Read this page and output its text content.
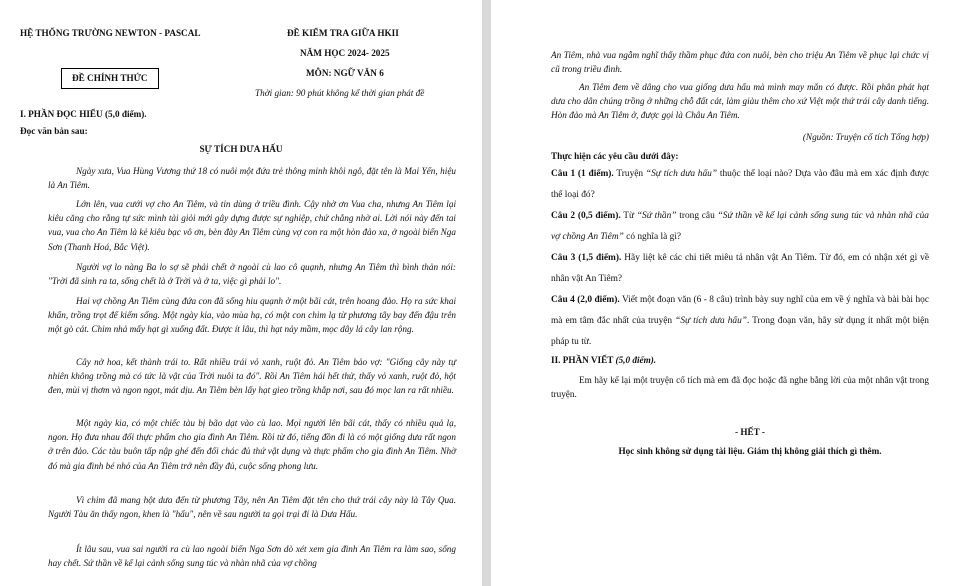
HỆ THỐNG TRƯỜNG NEWTON - PASCAL	ĐỀ KIỂM TRA GIỮA HKII
NĂM HỌC 2024- 2025
ĐỀ CHÍNH THỨC	MÔN: NGỮ VĂN 6
Thời gian: 90 phút không kể thời gian phát đề
I. PHẦN ĐỌC HIỂU (5,0 điểm).
Đọc văn bản sau:
SỰ TÍCH DƯA HẤU
Ngày xưa, Vua Hùng Vương thứ 18 có nuôi một đứa trẻ thông minh khôi ngô, đặt tên là Mai Yển, hiệu là An Tiêm.
Lớn lên, vua cưới vợ cho An Tiêm, và tin dùng ở triều đình. Cậy nhờ ơn Vua cha, nhưng An Tiêm lại kiêu căng cho rằng tự sức mình tài giỏi mới gây dựng được sự nghiệp, chứ chẳng nhờ ai. Lời nói này đến tai vua, vua cho An Tiêm là kẻ kiêu bạc vô ơn, bèn đày An Tiêm cùng vợ con ra một hòn đảo xa, ở ngoài biển Nga Sơn (Thanh Hoá, Bắc Việt).
Người vợ lo nàng Ba lo sợ sẽ phải chết ở ngoài cù lao cô quạnh, nhưng An Tiêm thì bình thản nói: "Trời đã sinh ra ta, sống chết là ở Trời và ở ta, việc gì phải lo".
Hai vợ chồng An Tiêm cùng đứa con đã sống hiu quạnh ở một bãi cát, trên hoang đảo. Họ ra sức khai khẩn, trồng trọt để kiếm sống. Một ngày kia, vào mùa hạ, có một con chim lạ từ phương tây bay đến đậu trên một gò cát. Chim nhả mấy hạt gì xuống đất. Được ít lâu, thì hạt nảy mầm, mọc dây lá cây lan rộng.
Cây nở hoa, kết thành trái to. Rất nhiều trái vỏ xanh, ruột đỏ. An Tiêm bảo vợ: "Giống cây này tự nhiên không trồng mà có tức là vật của Trời nuôi ta đó". Rồi An Tiêm hái hết thử, thấy vỏ xanh, ruột đỏ, hột đen, mùi vị thơm và ngon ngọt, mát dịu. An Tiêm bèn lấy hạt gieo trồng khắp nơi, sau đó mọc lan ra rất nhiều.
Một ngày kia, có một chiếc tàu bị bão dạt vào cù lao. Mọi người lên bãi cát, thấy có nhiều quả lạ, ngon. Họ đưa nhau đổi thực phẩm cho gia đình An Tiêm. Rồi từ đó, tiếng đồn đi là có một giống dưa rất ngon ở trên đảo. Các tàu buôn tấp nập ghé đến đổi chác đủ thứ vật dụng và thực phẩm cho gia đình An Tiêm. Nhờ đó mà gia đình bé nhỏ của An Tiêm trở nên đầy đủ, cuộc sống phong lưu.
Vì chim đã mang hột dưa đến từ phương Tây, nên An Tiêm đặt tên cho thứ trái cây này là Tây Qua. Người Tàu ăn thấy ngon, khen là "hấu", nên về sau người ta gọi trại đi là Dưa Hấu.
Ít lâu sau, vua sai người ra cù lao ngoài biển Nga Sơn dò xét xem gia đình An Tiêm ra làm sao, sống hay chết. Sứ thần về kể lại cảnh sống sung túc và nhàn nhã của vợ chồng
An Tiêm, nhà vua ngẫm nghĩ thấy thầm phục đứa con nuôi, bèn cho triệu An Tiêm về phục lại chức vị cũ trong triều đình.
An Tiêm đem về dâng cho vua giống dưa hấu mà mình may mắn có được. Rồi phân phát hạt dưa cho dân chúng trồng ở những chỗ đất cát, làm giàu thêm cho xứ Việt một thứ trái cây danh tiếng. Hòn đảo mà An Tiêm ở, được gọi là Châu An Tiêm.
(Nguồn: Truyện cổ tích Tổng hợp)
Thực hiện các yêu cầu dưới đây:
Câu 1 (1 điểm). Truyện “Sự tích dưa hấu” thuộc thể loại nào? Dựa vào đâu mà em xác định được thể loại đó?
Câu 2 (0,5 điểm). Từ “Sứ thần” trong câu “Sứ thần về kể lại cảnh sống sung túc và nhàn nhã của vợ chồng An Tiêm” có nghĩa là gì?
Câu 3 (1,5 điểm). Hãy liệt kê các chi tiết miêu tả nhân vật An Tiêm. Từ đó, em có nhận xét gì về nhân vật An Tiêm?
Câu 4 (2,0 điểm). Viết một đoạn văn (6 - 8 câu) trình bày suy nghĩ của em về ý nghĩa và bài bài học mà em tâm đắc nhất của truyện “Sự tích dưa hấu”. Trong đoạn văn, hãy sử dụng ít nhất một biện pháp tu từ.
II. PHẦN VIẾT (5,0 điểm).
Em hãy kể lại một truyện cổ tích mà em đã đọc hoặc đã nghe bằng lời của một nhân vật trong truyện.
- HẾT -
Học sinh không sử dụng tài liệu. Giám thị không giải thích gì thêm.
